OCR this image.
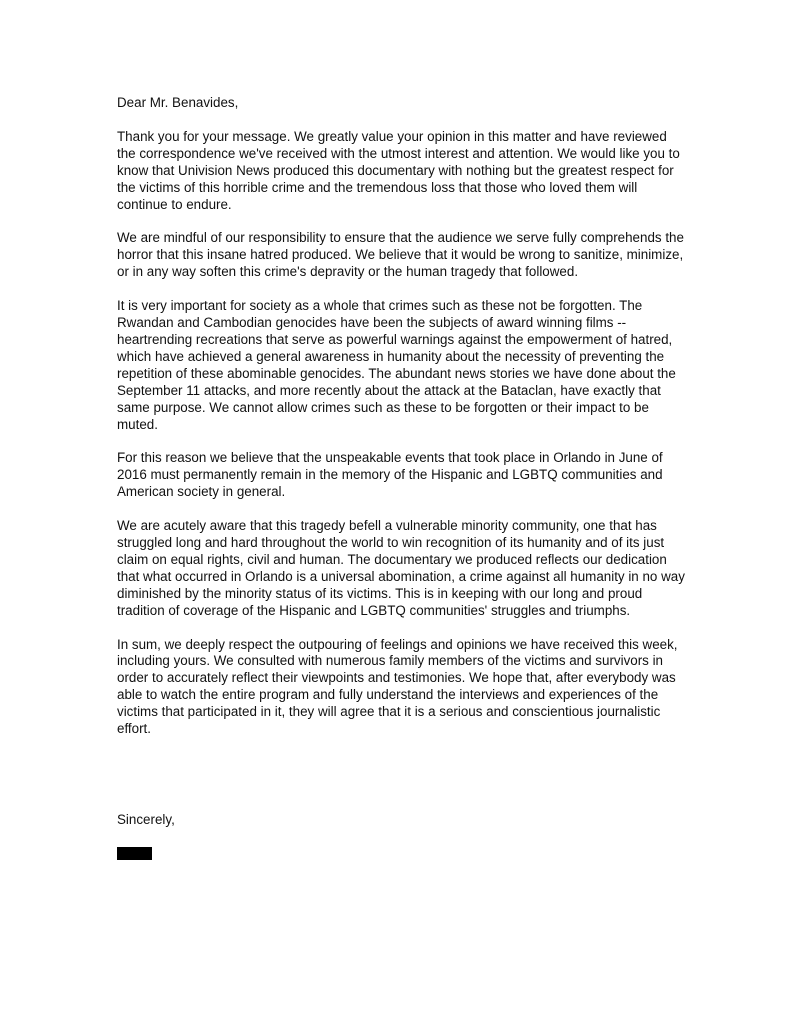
Dear Mr. Benavides,

Thank you for your message. We greatly value your opinion in this matter and have reviewed the correspondence we've received with the utmost interest and attention. We would like you to know that Univision News produced this documentary with nothing but the greatest respect for the victims of this horrible crime and the tremendous loss that those who loved them will continue to endure.

We are mindful of our responsibility to ensure that the audience we serve fully comprehends the horror that this insane hatred produced. We believe that it would be wrong to sanitize, minimize, or in any way soften this crime's depravity or the human tragedy that followed.

It is very important for society as a whole that crimes such as these not be forgotten. The Rwandan and Cambodian genocides have been the subjects of award winning films -- heartrending recreations that serve as powerful warnings against the empowerment of hatred, which have achieved a general awareness in humanity about the necessity of preventing the repetition of these abominable genocides. The abundant news stories we have done about the September 11 attacks, and more recently about the attack at the Bataclan, have exactly that same purpose. We cannot allow crimes such as these to be forgotten or their impact to be muted.

For this reason we believe that the unspeakable events that took place in Orlando in June of 2016 must permanently remain in the memory of the Hispanic and LGBTQ communities and American society in general.

We are acutely aware that this tragedy befell a vulnerable minority community, one that has struggled long and hard throughout the world to win recognition of its humanity and of its just claim on equal rights, civil and human. The documentary we produced reflects our dedication that what occurred in Orlando is a universal abomination, a crime against all humanity in no way diminished by the minority status of its victims. This is in keeping with our long and proud tradition of coverage of the Hispanic and LGBTQ communities' struggles and triumphs.

In sum, we deeply respect the outpouring of feelings and opinions we have received this week, including yours. We consulted with numerous family members of the victims and survivors in order to accurately reflect their viewpoints and testimonies. We hope that, after everybody was able to watch the entire program and fully understand the interviews and experiences of the victims that participated in it, they will agree that it is a serious and conscientious journalistic effort.

Sincerely,
